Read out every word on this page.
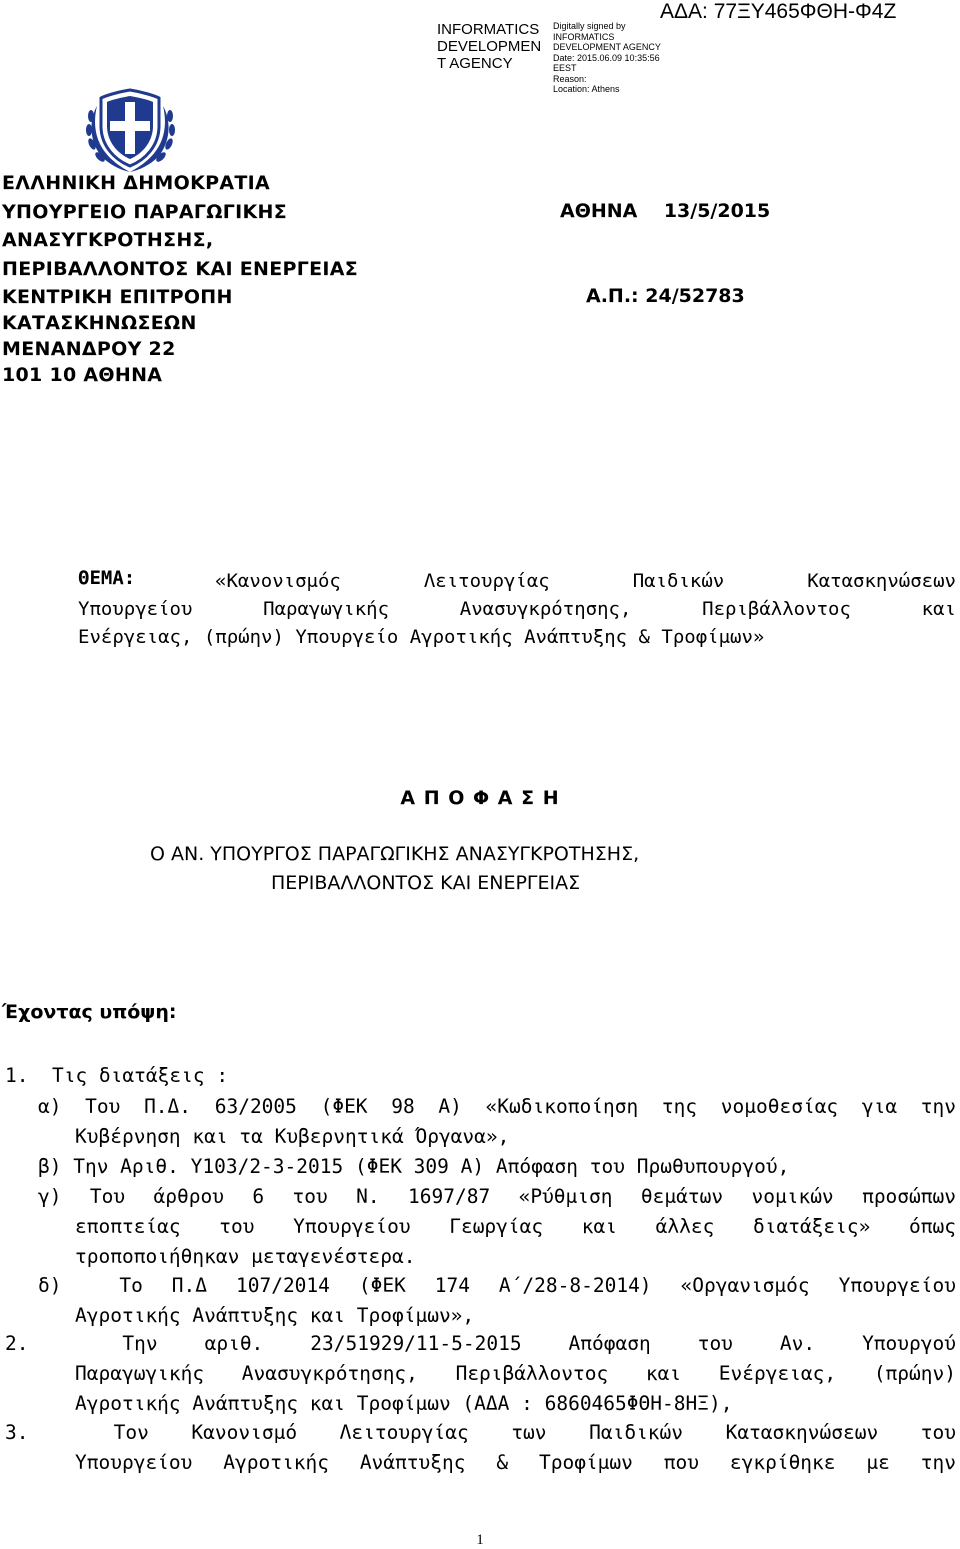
INFORMATICS DEVELOPMEN T AGENCY
Digitally signed by
INFORMATICS
DEVELOPMENT AGENCY
Date: 2015.06.09 10:35:56
EEST
Reason:
Location: Athens
ΑΔΑ: 77ΞΥ465ΦΘΗ-Φ4Ζ
ΕΛΛΗΝΙΚΗ ΔΗΜΟΚΡΑΤΙΑ
ΥΠΟΥΡΓΕΙΟ ΠΑΡΑΓΩΓΙΚΗΣ
ΑΝΑΣΥΓΚΡΟΤΗΣΗΣ,
ΠΕΡΙΒΑΛΛΟΝΤΟΣ ΚΑΙ ΕΝΕΡΓΕΙΑΣ
ΚΕΝΤΡΙΚΗ ΕΠΙΤΡΟΠΗ
ΚΑΤΑΣΚΗΝΩΣΕΩΝ
ΜΕΝΑΝΔΡΟΥ 22
101 10 ΑΘΗΝΑ
ΑΘΗΝΑ    13/5/2015
Α.Π.: 24/52783
ΘΕΜΑ:	«Κανονισμός Λειτουργίας Παιδικών Κατασκηνώσεων
Υπουργείου Παραγωγικής Ανασυγκρότησης, Περιβάλλοντος και
Ενέργειας, (πρώην) Υπουργείο Αγροτικής Ανάπτυξης & Τροφίμων»
Α Π Ο Φ Α Σ Η
Ο ΑΝ. ΥΠΟΥΡΓΟΣ ΠΑΡΑΓΩΓΙΚΗΣ ΑΝΑΣΥΓΚΡΟΤΗΣΗΣ,
ΠΕΡΙΒΑΛΛΟΝΤΟΣ ΚΑΙ ΕΝΕΡΓΕΙΑΣ
Έχοντας υπόψη:
1.  Τις διατάξεις :
α) Του Π.Δ. 63/2005 (ΦΕΚ 98 Α) «Κωδικοποίηση της νομοθεσίας για την
Κυβέρνηση και τα Κυβερνητικά Όργανα»,
β) Την Αριθ. Υ103/2-3-2015 (ΦΕΚ 309 Α) Απόφαση του Πρωθυπουργού,
γ) Του άρθρου 6 του Ν. 1697/87 «Ρύθμιση θεμάτων νομικών προσώπων
εποπτείας του Υπουργείου Γεωργίας και άλλες διατάξεις» όπως
τροποποιήθηκαν μεταγενέστερα.
δ)  Το Π.Δ 107/2014 (ΦΕΚ 174 Α΄/28-8-2014) «Οργανισμός Υπουργείου
Αγροτικής Ανάπτυξης και Τροφίμων»,
2.  Την αριθ. 23/51929/11-5-2015 Απόφαση του Αν. Υπουργού
Παραγωγικής Ανασυγκρότησης, Περιβάλλοντος και Ενέργειας, (πρώην)
Αγροτικής Ανάπτυξης και Τροφίμων (ΑΔΑ : 6860465ΦΘΗ-8ΗΞ),
3.  Τον Κανονισμό Λειτουργίας των Παιδικών Κατασκηνώσεων του
Υπουργείου Αγροτικής Ανάπτυξης & Τροφίμων που εγκρίθηκε με την
1
